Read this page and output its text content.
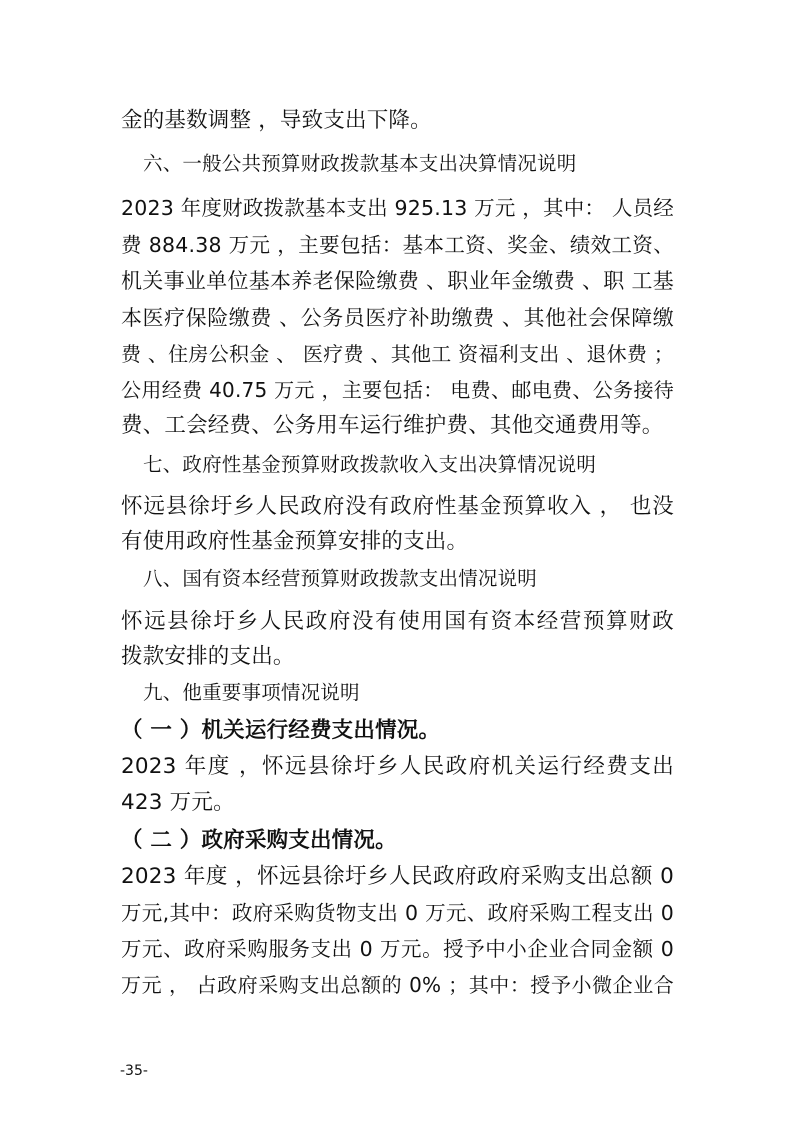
金的基数调整 ，导致支出下降。
六、一般公共预算财政拨款基本支出决算情况说明
2023 年度财政拨款基本支出 925.13 万元 ，其中： 人员经
费 884.38 万元 ，主要包括：基本工资、奖金、绩效工资、
机关事业单位基本养老保险缴费 、职业年金缴费 、职 工基
本医疗保险缴费 、公务员医疗补助缴费 、其他社会保障缴
费 、住房公积金 、 医疗费 、其他工 资福利支出 、退休费 ；
公用经费 40.75 万元 ，主要包括： 电费、邮电费、公务接待
费、工会经费、公务用车运行维护费、其他交通费用等。
七、政府性基金预算财政拨款收入支出决算情况说明
怀远县徐圩乡人民政府没有政府性基金预算收入 ， 也没
有使用政府性基金预算安排的支出。
八、国有资本经营预算财政拨款支出情况说明
怀远县徐圩乡人民政府没有使用国有资本经营预算财政
拨款安排的支出。
九、他重要事项情况说明
（ 一 ）机关运行经费支出情况。
2023 年度 ，怀远县徐圩乡人民政府机关运行经费支出
423 万元。
（ 二 ）政府采购支出情况。
2023 年度 ，怀远县徐圩乡人民政府政府采购支出总额 0
万元,其中：政府采购货物支出 0 万元、政府采购工程支出 0
万元、政府采购服务支出 0 万元。授予中小企业合同金额 0
万元 ， 占政府采购支出总额的 0% ；其中：授予小微企业合
-35-
